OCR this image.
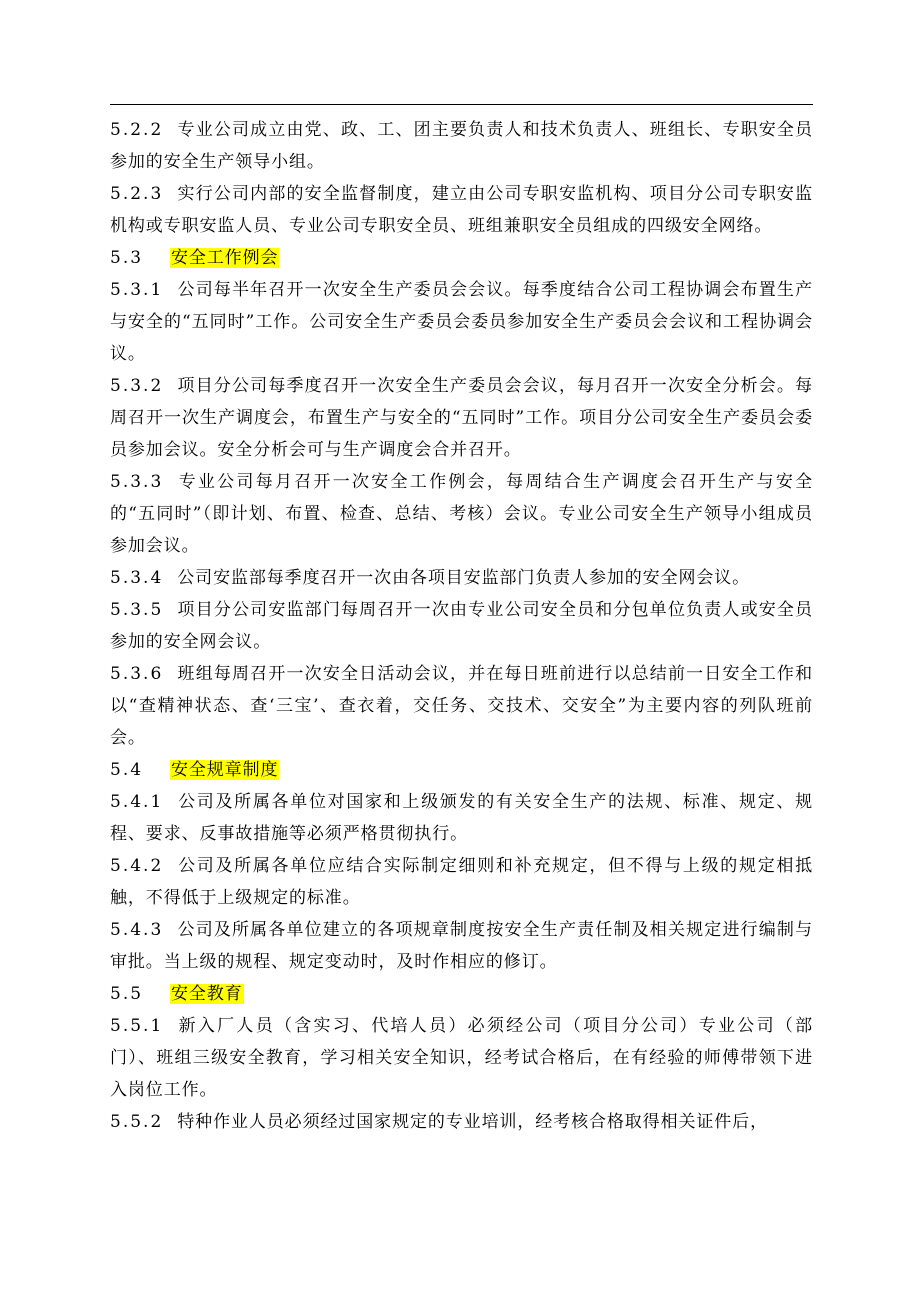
5.2.2 专业公司成立由党、政、工、团主要负责人和技术负责人、班组长、专职安全员参加的安全生产领导小组。

5.2.3 实行公司内部的安全监督制度，建立由公司专职安监机构、项目分公司专职安监机构或专职安监人员、专业公司专职安全员、班组兼职安全员组成的四级安全网络。

5.3 安全工作例会

5.3.1 公司每半年召开一次安全生产委员会会议。每季度结合公司工程协调会布置生产与安全的“五同时”工作。公司安全生产委员会委员参加安全生产委员会会议和工程协调会议。

5.3.2 项目分公司每季度召开一次安全生产委员会会议，每月召开一次安全分析会。每周召开一次生产调度会，布置生产与安全的“五同时”工作。项目分公司安全生产委员会委员参加会议。安全分析会可与生产调度会合并召开。

5.3.3 专业公司每月召开一次安全工作例会，每周结合生产调度会召开生产与安全的“五同时”（即计划、布置、检查、总结、考核）会议。专业公司安全生产领导小组成员参加会议。

5.3.4 公司安监部每季度召开一次由各项目安监部门负责人参加的安全网会议。

5.3.5 项目分公司安监部门每周召开一次由专业公司安全员和分包单位负责人或安全员参加的安全网会议。

5.3.6 班组每周召开一次安全日活动会议，并在每日班前进行以总结前一日安全工作和以“查精神状态、查‘三宝’、查衣着，交任务、交技术、交安全”为主要内容的列队班前会。

5.4 安全规章制度

5.4.1 公司及所属各单位对国家和上级颁发的有关安全生产的法规、标准、规定、规程、要求、反事故措施等必须严格贯彻执行。

5.4.2 公司及所属各单位应结合实际制定细则和补充规定，但不得与上级的规定相抵触，不得低于上级规定的标准。

5.4.3 公司及所属各单位建立的各项规章制度按安全生产责任制及相关规定进行编制与审批。当上级的规程、规定变动时，及时作相应的修订。

5.5 安全教育

5.5.1 新入厂人员（含实习、代培人员）必须经公司（项目分公司）专业公司（部门）、班组三级安全教育，学习相关安全知识，经考试合格后，在有经验的师傅带领下进入岗位工作。

5.5.2 特种作业人员必须经过国家规定的专业培训，经考核合格取得相关证件后，
